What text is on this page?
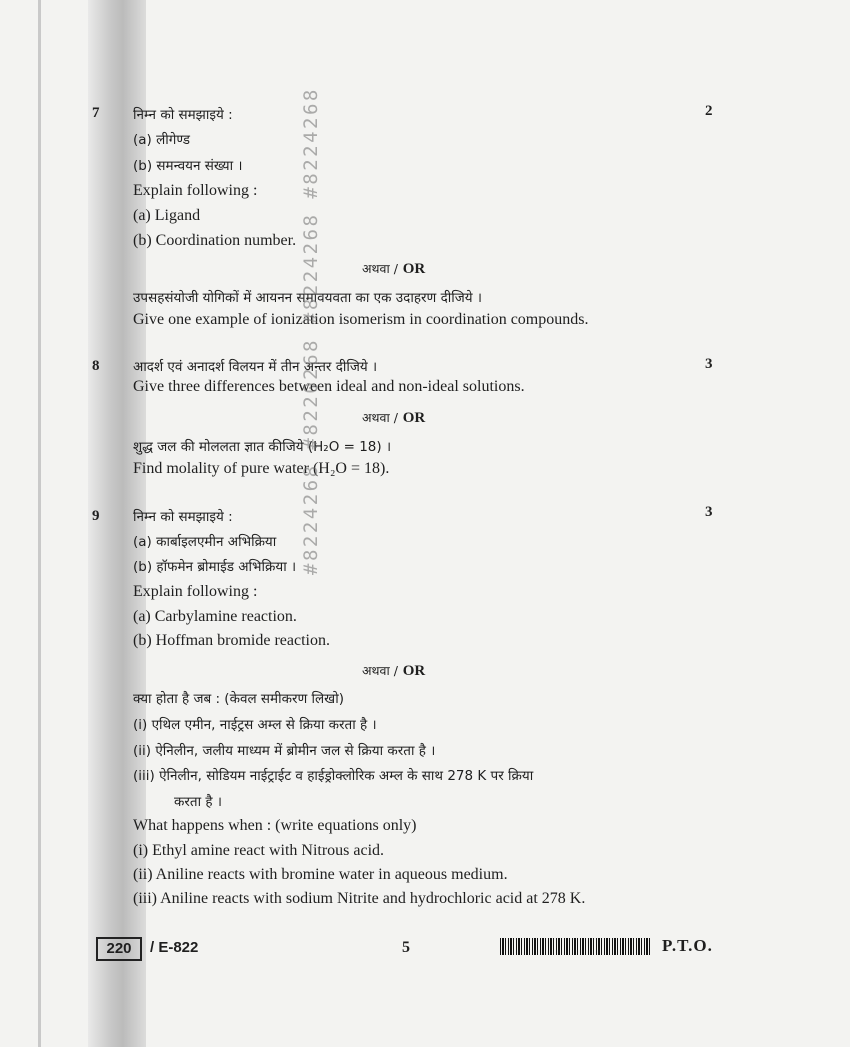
7	2
निम्न को समझाइये :
(a) लीगेण्ड
(b) समन्वयन संख्या ।
Explain following :
(a) Ligand
(b) Coordination number.
अथवा / OR
उपसहसंयोजी योगिकों में आयनन समावयवता का एक उदाहरण दीजिये ।
Give one example of ionization isomerism in coordination compounds.
8	3
आदर्श एवं अनादर्श विलयन में तीन अन्तर दीजिये ।
Give three differences between ideal and non-ideal solutions.
अथवा / OR
शुद्ध जल की मोललता ज्ञात कीजिये (H₂O = 18) ।
Find molality of pure water (H₂O = 18).
9	3
निम्न को समझाइये :
(a) कार्बाइलएमीन अभिक्रिया
(b) हॉफमेन ब्रोमाईड अभिक्रिया ।
Explain following :
(a) Carbylamine reaction.
(b) Hoffman bromide reaction.
अथवा / OR
क्या होता है जब : (केवल समीकरण लिखो)
(i) एथिल एमीन, नाईट्रस अम्ल से क्रिया करता है ।
(ii) ऐनिलीन, जलीय माध्यम में ब्रोमीन जल से क्रिया करता है ।
(iii) ऐनिलीन, सोडियम नाईट्राईट व हाईड्रोक्लोरिक अम्ल के साथ 278 K पर क्रिया
करता है ।
What happens when : (write equations only)
(i) Ethyl amine react with Nitrous acid.
(ii) Aniline reacts with bromine water in aqueous medium.
(iii) Aniline reacts with sodium Nitrite and hydrochloric acid at 278 K.
#8224268 #8220268 #8224268 #8224268
220	/ E-822	5	P.T.O.
